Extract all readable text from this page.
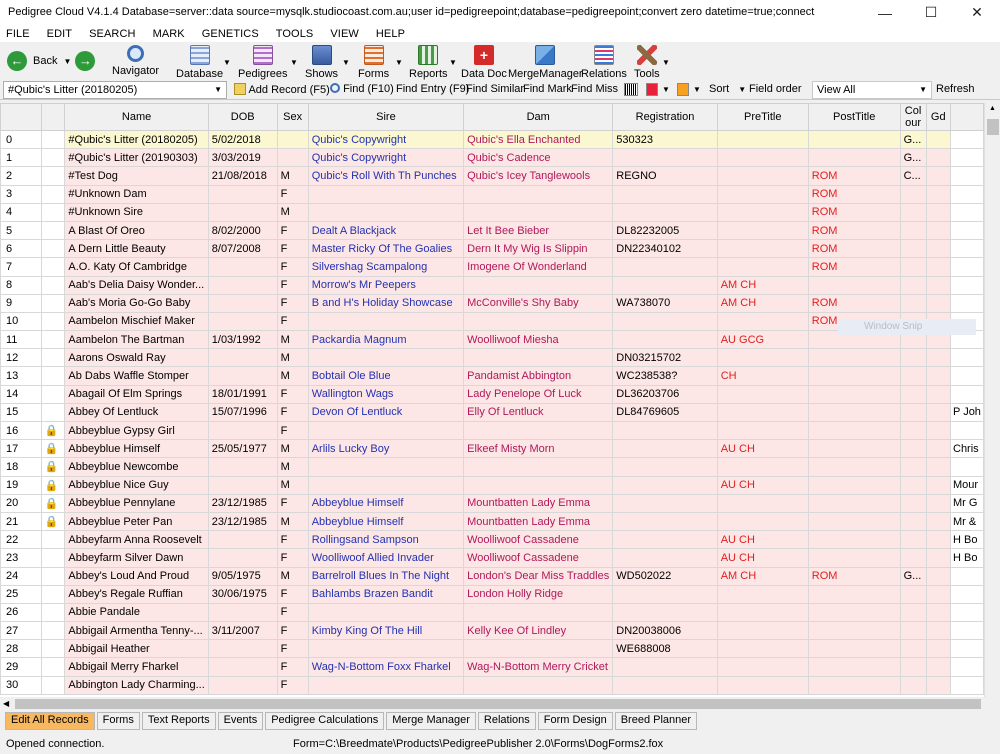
Pedigree Cloud V4.1.4 Database=server::data source=mysqlk.studiocoast.com.au;user id=pedigreepoint;database=pedigreepoint;convert zero datetime=true;connect	—	☐	✕
FILE EDIT SEARCH MARK GENETICS TOOLS VIEW HELP
← Back ▼ →
Navigator Database
▼
Pedigrees
▼
Shows
▼
Forms
▼
Reports
▼	+
Data Doc MergeManager
Relations Tools
▼
#Qubic's Litter (20180205)	▼	Add Record (F5)	Find (F10) Find Entry (F9)
Find Similar
Find Mark Find Miss	▼	▼ Sort ▼ Field order	View All	▼ Refresh
		Name	DOB	Sex	Sire	Dam	Registration	PreTitle	PostTitle	Col our	Gd	
0		#Qubic's Litter (20180205)	5/02/2018		Qubic's Copywright	Qubic's Ella Enchanted	530323			G...		
1		#Qubic's Litter (20190303)	3/03/2019		Qubic's Copywright	Qubic's Cadence				G...		
2		#Test Dog	21/08/2018	M	Qubic's Roll With Th Punches	Qubic's Icey Tanglewools	REGNO		ROM	C...		
3		#Unknown Dam		F					ROM			
4		#Unknown Sire		M					ROM			
5		A Blast Of Oreo	8/02/2000	F	Dealt A Blackjack	Let It Bee Bieber	DL82232005		ROM			
6		A Dern Little Beauty	8/07/2008	F	Master Ricky Of The Goalies	Dern It My Wig Is Slippin	DN22340102		ROM			
7		A.O. Katy Of Cambridge		F	Silvershag Scampalong	Imogene Of Wonderland			ROM			
8		Aab's Delia Daisy Wonder...		F	Morrow's Mr Peepers			AM CH				
9		Aab's Moria Go-Go Baby		F	B and H's Holiday Showcase	McConville's Shy Baby	WA738070	AM CH	ROM			
10		Aambelon Mischief Maker		F					ROM			
11		Aambelon The Bartman	1/03/1992	M	Packardia Magnum	Woolliwoof Miesha		AU GCG				
12		Aarons Oswald Ray		M			DN03215702					
13		Ab Dabs Waffle Stomper		M	Bobtail Ole Blue	Pandamist Abbington	WC238538?	CH				
14		Abagail Of Elm Springs	18/01/1991	F	Wallington Wags	Lady Penelope Of Luck	DL36203706					
15		Abbey Of Lentluck	15/07/1996	F	Devon Of Lentluck	Elly Of Lentluck	DL84769605					P Joh
16	🔒	Abbeyblue Gypsy Girl		F								
17	🔒	Abbeyblue Himself	25/05/1977	M	Arlils Lucky Boy	Elkeef Misty Morn		AU CH				Chris
18	🔒	Abbeyblue Newcombe		M								
19	🔒	Abbeyblue Nice Guy		M				AU CH				Mour
20	🔒	Abbeyblue Pennylane	23/12/1985	F	Abbeyblue Himself	Mountbatten Lady Emma						Mr G
21	🔒	Abbeyblue Peter Pan	23/12/1985	M	Abbeyblue Himself	Mountbatten Lady Emma						Mr &
22		Abbeyfarm Anna Roosevelt		F	Rollingsand Sampson	Woolliwoof Cassadene		AU CH				H Bo
23		Abbeyfarm Silver Dawn		F	Woolliwoof Allied Invader	Woolliwoof Cassadene		AU CH				H Bo
24		Abbey's Loud And Proud	9/05/1975	M	Barrelroll Blues In The Night	London's Dear Miss Traddles	WD502022	AM CH	ROM	G...		
25		Abbey's Regale Ruffian	30/06/1975	F	Bahlambs Brazen Bandit	London Holly Ridge						
26		Abbie Pandale		F								
27		Abbigail Armentha Tenny-...	3/11/2007	F	Kimby King Of The Hill	Kelly Kee Of Lindley	DN20038006					
28		Abbigail Heather		F			WE688008					
29		Abbigail Merry Fharkel		F	Wag-N-Bottom Foxx Fharkel	Wag-N-Bottom Merry Cricket						
30		Abbington Lady Charming...		F								
Window Snip
▲
◀
Edit All Records	Forms	Text Reports	Events	Pedigree Calculations	Merge Manager	Relations	Form Design	Breed Planner
Opened connection.	Form=C:\Breedmate\Products\PedigreePublisher 2.0\Forms\DogForms2.fox
